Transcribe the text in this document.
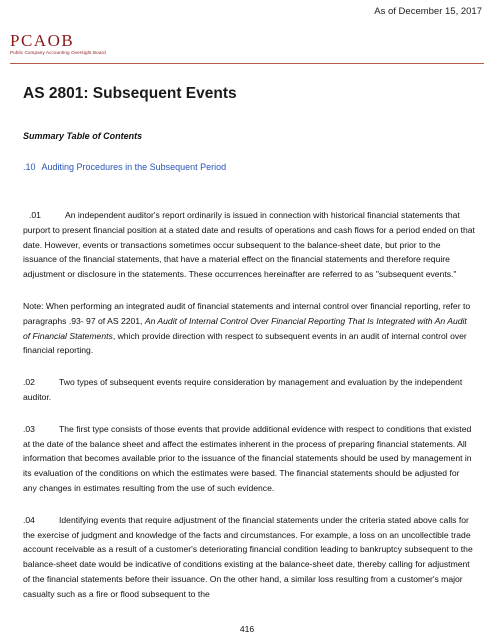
As of December 15, 2017
PCAOB
Public Company Accounting Oversight Board
AS 2801: Subsequent Events
Summary Table of Contents
.10 Auditing Procedures in the Subsequent Period

.01	An independent auditor's report ordinarily is issued in connection with historical financial statements that purport to present financial position at a stated date and results of operations and cash flows for a period ended on that date. However, events or transactions sometimes occur subsequent to the balance-sheet date, but prior to the issuance of the financial statements, that have a material effect on the financial statements and therefore require adjustment or disclosure in the statements. These occurrences hereinafter are referred to as "subsequent events."

Note: When performing an integrated audit of financial statements and internal control over financial reporting, refer to paragraphs .93- 97 of AS 2201, An Audit of Internal Control Over Financial Reporting That Is Integrated with An Audit of Financial Statements, which provide direction with respect to subsequent events in an audit of internal control over financial reporting.

.02	Two types of subsequent events require consideration by management and evaluation by the independent auditor.

.03	The first type consists of those events that provide additional evidence with respect to conditions that existed at the date of the balance sheet and affect the estimates inherent in the process of preparing financial statements. All information that becomes available prior to the issuance of the financial statements should be used by management in its evaluation of the conditions on which the estimates were based. The financial statements should be adjusted for any changes in estimates resulting from the use of such evidence.

.04	Identifying events that require adjustment of the financial statements under the criteria stated above calls for the exercise of judgment and knowledge of the facts and circumstances. For example, a loss on an uncollectible trade account receivable as a result of a customer's deteriorating financial condition leading to bankruptcy subsequent to the balance-sheet date would be indicative of conditions existing at the balance-sheet date, thereby calling for adjustment of the financial statements before their issuance. On the other hand, a similar loss resulting from a customer's major casualty such as a fire or flood subsequent to the

416
